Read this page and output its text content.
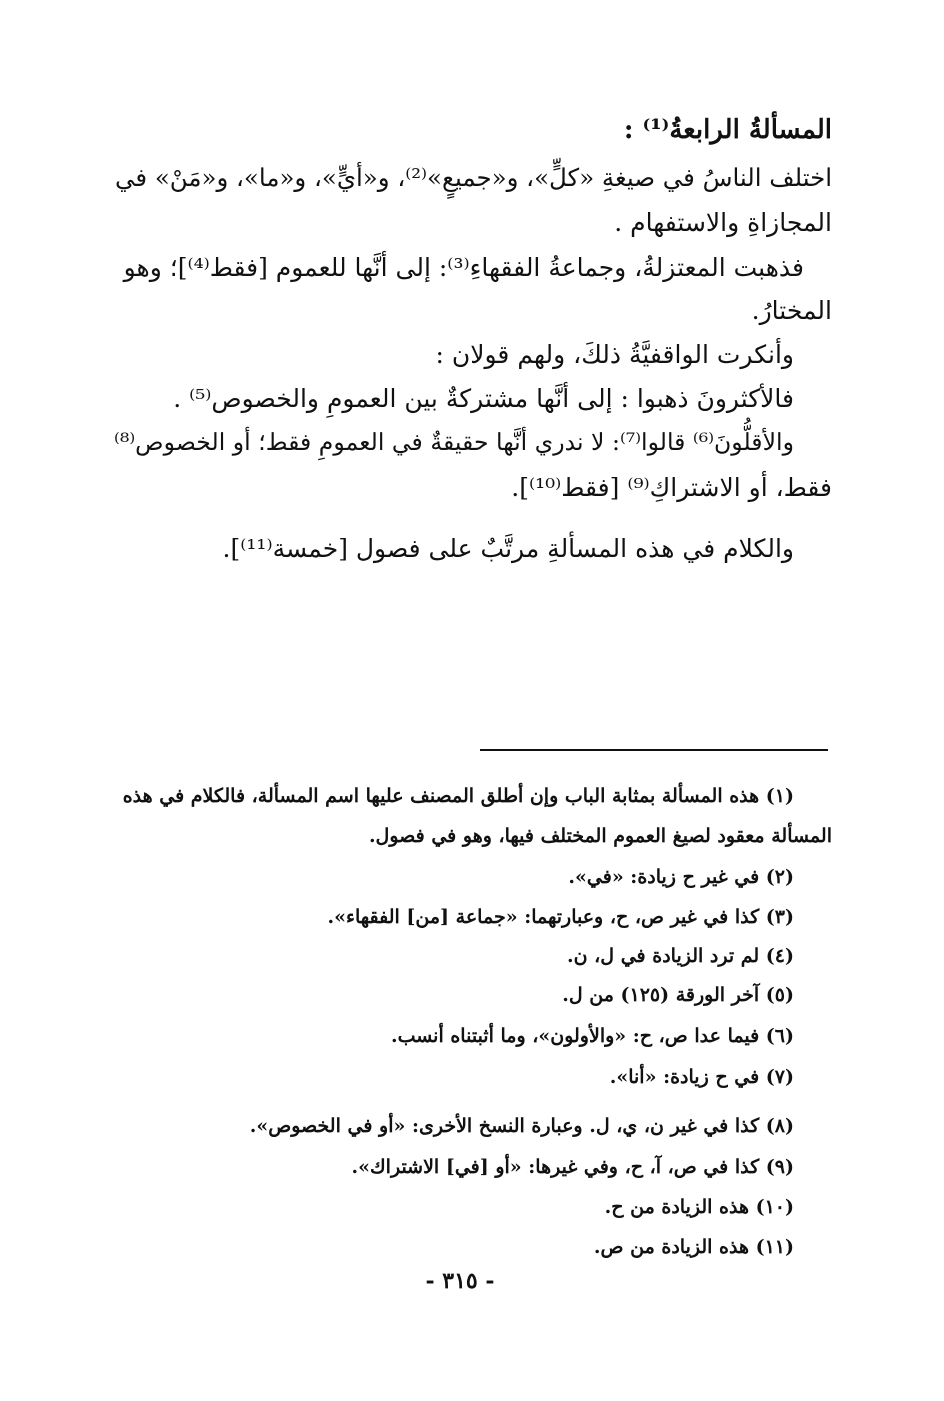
المسألةُ الرابعةُ⁽¹⁾ :
اختلف الناسُ في صيغةِ «كلٍّ»، و«جميعٍ»⁽²⁾، و«أيٍّ»، و«ما»، و«مَنْ» في
المجازاةِ والاستفهام .
فذهبت المعتزلةُ، وجماعةُ الفقهاءِ⁽³⁾: إلى أنَّها للعموم [فقط⁽⁴⁾]؛ وهو
المختارُ.
وأنكرت الواقفيَّةُ ذلكَ، ولهم قولان :
فالأكثرونَ ذهبوا : إلى أنَّها مشتركةٌ بين العمومِ والخصوص⁽⁵⁾ .
والأقلُّونَ⁽⁶⁾ قالوا⁽⁷⁾: لا ندري أنَّها حقيقةٌ في العمومِ فقط؛ أو الخصوص⁽⁸⁾
فقط، أو الاشتراكِ⁽⁹⁾ [فقط⁽¹⁰⁾].
والكلام في هذه المسألةِ مرتَّبٌ على فصول [خمسة⁽¹¹⁾].
(١) هذه المسألة بمثابة الباب وإن أطلق المصنف عليها اسم المسألة، فالكلام في هذه
المسألة معقود لصيغ العموم المختلف فيها، وهو في فصول.
(٢) في غير ح زيادة: «في».
(٣) كذا في غير ص، ح، وعبارتهما: «جماعة [من] الفقهاء».
(٤) لم ترد الزيادة في ل، ن.
(٥) آخر الورقة (١٢٥) من ل.
(٦) فيما عدا ص، ح: «والأولون»، وما أثبتناه أنسب.
(٧) في ح زيادة: «أنا».
(٨) كذا في غير ن، ي، ل. وعبارة النسخ الأخرى: «أو في الخصوص».
(٩) كذا في ص، آ، ح، وفي غيرها: «أو [في] الاشتراك».
(١٠) هذه الزيادة من ح.
(١١) هذه الزيادة من ص.
- ٣١٥ -
